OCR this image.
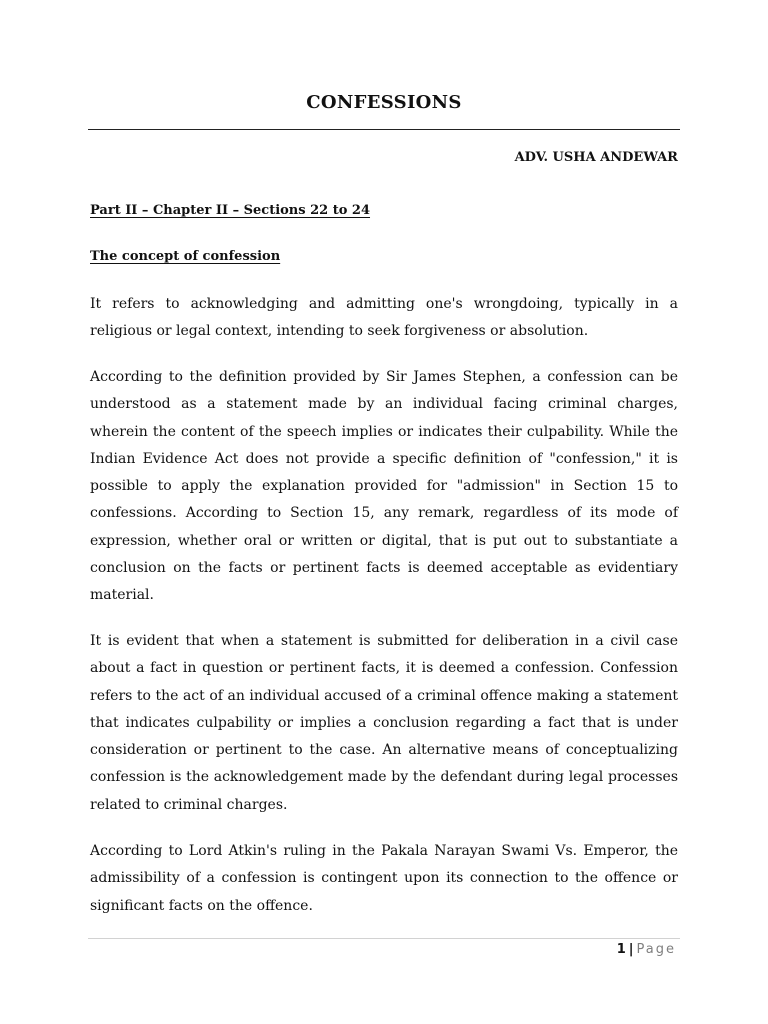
CONFESSIONS
ADV. USHA ANDEWAR
Part II – Chapter II – Sections 22 to 24
The concept of confession

It refers to acknowledging and admitting one's wrongdoing, typically in a religious or legal context, intending to seek forgiveness or absolution.

According to the definition provided by Sir James Stephen, a confession can be understood as a statement made by an individual facing criminal charges, wherein the content of the speech implies or indicates their culpability. While the Indian Evidence Act does not provide a specific definition of "confession," it is possible to apply the explanation provided for "admission" in Section 15 to confessions. According to Section 15, any remark, regardless of its mode of expression, whether oral or written or digital, that is put out to substantiate a conclusion on the facts or pertinent facts is deemed acceptable as evidentiary material.

It is evident that when a statement is submitted for deliberation in a civil case about a fact in question or pertinent facts, it is deemed a confession. Confession refers to the act of an individual accused of a criminal offence making a statement that indicates culpability or implies a conclusion regarding a fact that is under consideration or pertinent to the case. An alternative means of conceptualizing confession is the acknowledgement made by the defendant during legal processes related to criminal charges.

According to Lord Atkin's ruling in the Pakala Narayan Swami Vs. Emperor, the admissibility of a confession is contingent upon its connection to the offence or significant facts on the offence.

1 | Page
